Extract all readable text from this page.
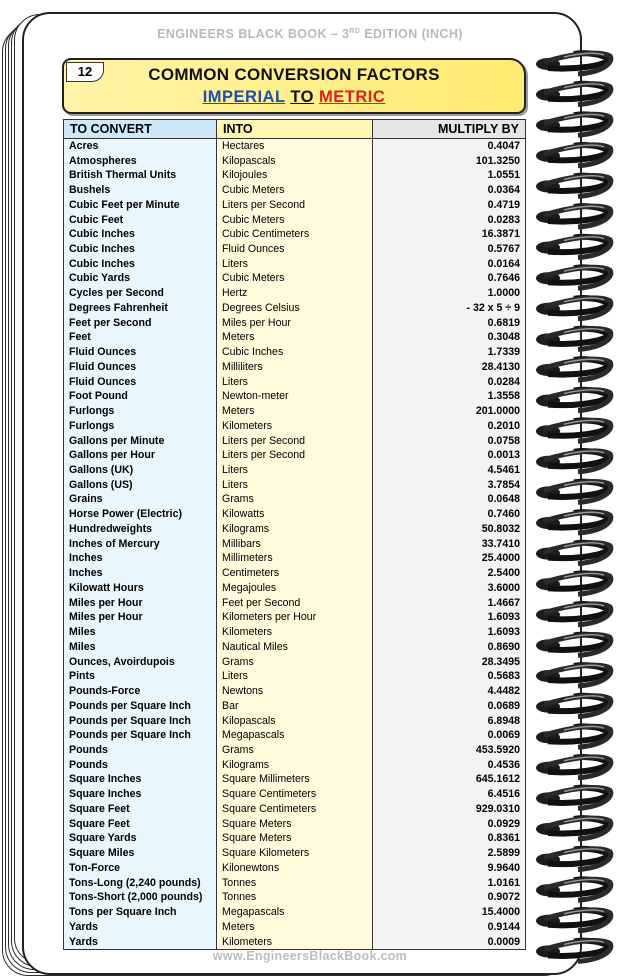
ENGINEERS BLACK BOOK – 3RD EDITION (INCH)
12	COMMON CONVERSION FACTORS
IMPERIAL TO METRIC
TO CONVERT	INTO	MULTIPLY BY
Acres	Hectares	0.4047
Atmospheres	Kilopascals	101.3250
British Thermal Units	Kilojoules	1.0551
Bushels	Cubic Meters	0.0364
Cubic Feet per Minute	Liters per Second	0.4719
Cubic Feet	Cubic Meters	0.0283
Cubic Inches	Cubic Centimeters	16.3871
Cubic Inches	Fluid Ounces	0.5767
Cubic Inches	Liters	0.0164
Cubic Yards	Cubic Meters	0.7646
Cycles per Second	Hertz	1.0000
Degrees Fahrenheit	Degrees Celsius	- 32 x 5 ÷ 9
Feet per Second	Miles per Hour	0.6819
Feet	Meters	0.3048
Fluid Ounces	Cubic Inches	1.7339
Fluid Ounces	Milliliters	28.4130
Fluid Ounces	Liters	0.0284
Foot Pound	Newton-meter	1.3558
Furlongs	Meters	201.0000
Furlongs	Kilometers	0.2010
Gallons per Minute	Liters per Second	0.0758
Gallons per Hour	Liters per Second	0.0013
Gallons (UK)	Liters	4.5461
Gallons (US)	Liters	3.7854
Grains	Grams	0.0648
Horse Power (Electric)	Kilowatts	0.7460
Hundredweights	Kilograms	50.8032
Inches of Mercury	Millibars	33.7410
Inches	Millimeters	25.4000
Inches	Centimeters	2.5400
Kilowatt Hours	Megajoules	3.6000
Miles per Hour	Feet per Second	1.4667
Miles per Hour	Kilometers per Hour	1.6093
Miles	Kilometers	1.6093
Miles	Nautical Miles	0.8690
Ounces, Avoirdupois	Grams	28.3495
Pints	Liters	0.5683
Pounds-Force	Newtons	4.4482
Pounds per Square Inch	Bar	0.0689
Pounds per Square Inch	Kilopascals	6.8948
Pounds per Square Inch	Megapascals	0.0069
Pounds	Grams	453.5920
Pounds	Kilograms	0.4536
Square Inches	Square Millimeters	645.1612
Square Inches	Square Centimeters	6.4516
Square Feet	Square Centimeters	929.0310
Square Feet	Square Meters	0.0929
Square Yards	Square Meters	0.8361
Square Miles	Square Kilometers	2.5899
Ton-Force	Kilonewtons	9.9640
Tons-Long (2,240 pounds)	Tonnes	1.0161
Tons-Short (2,000 pounds)	Tonnes	0.9072
Tons per Square Inch	Megapascals	15.4000
Yards	Meters	0.9144
Yards	Kilometers	0.0009
www.EngineersBlackBook.com
